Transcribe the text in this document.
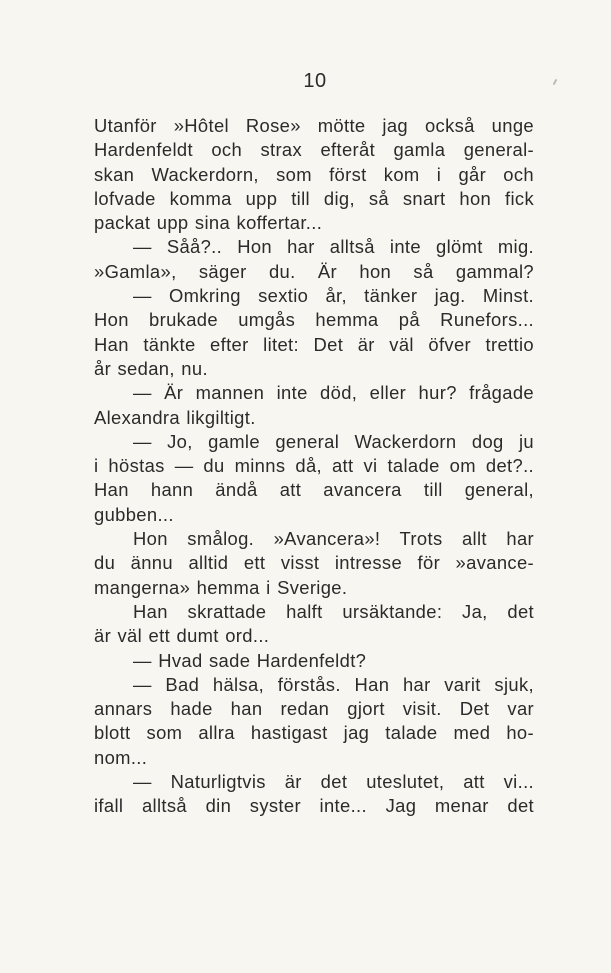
10
Utanför »Hôtel Rose» mötte jag också unge
Hardenfeldt och strax efteråt gamla general-
skan Wackerdorn, som först kom i går och
lofvade komma upp till dig, så snart hon fick
packat upp sina koffertar...
— Såå?.. Hon har alltså inte glömt mig.
»Gamla», säger du. Är hon så gammal?
— Omkring sextio år, tänker jag. Minst.
Hon brukade umgås hemma på Runefors...
Han tänkte efter litet: Det är väl öfver trettio
år sedan, nu.
— Är mannen inte död, eller hur? frågade
Alexandra likgiltigt.
— Jo, gamle general Wackerdorn dog ju
i höstas — du minns då, att vi talade om det?..
Han hann ändå att avancera till general,
gubben...
Hon smålog. »Avancera»! Trots allt har
du ännu alltid ett visst intresse för »avance-
mangerna» hemma i Sverige.
Han skrattade halft ursäktande: Ja, det
är väl ett dumt ord...
— Hvad sade Hardenfeldt?
— Bad hälsa, förstås. Han har varit sjuk,
annars hade han redan gjort visit. Det var
blott som allra hastigast jag talade med ho-
nom...
— Naturligtvis är det uteslutet, att vi...
ifall alltså din syster inte... Jag menar det
